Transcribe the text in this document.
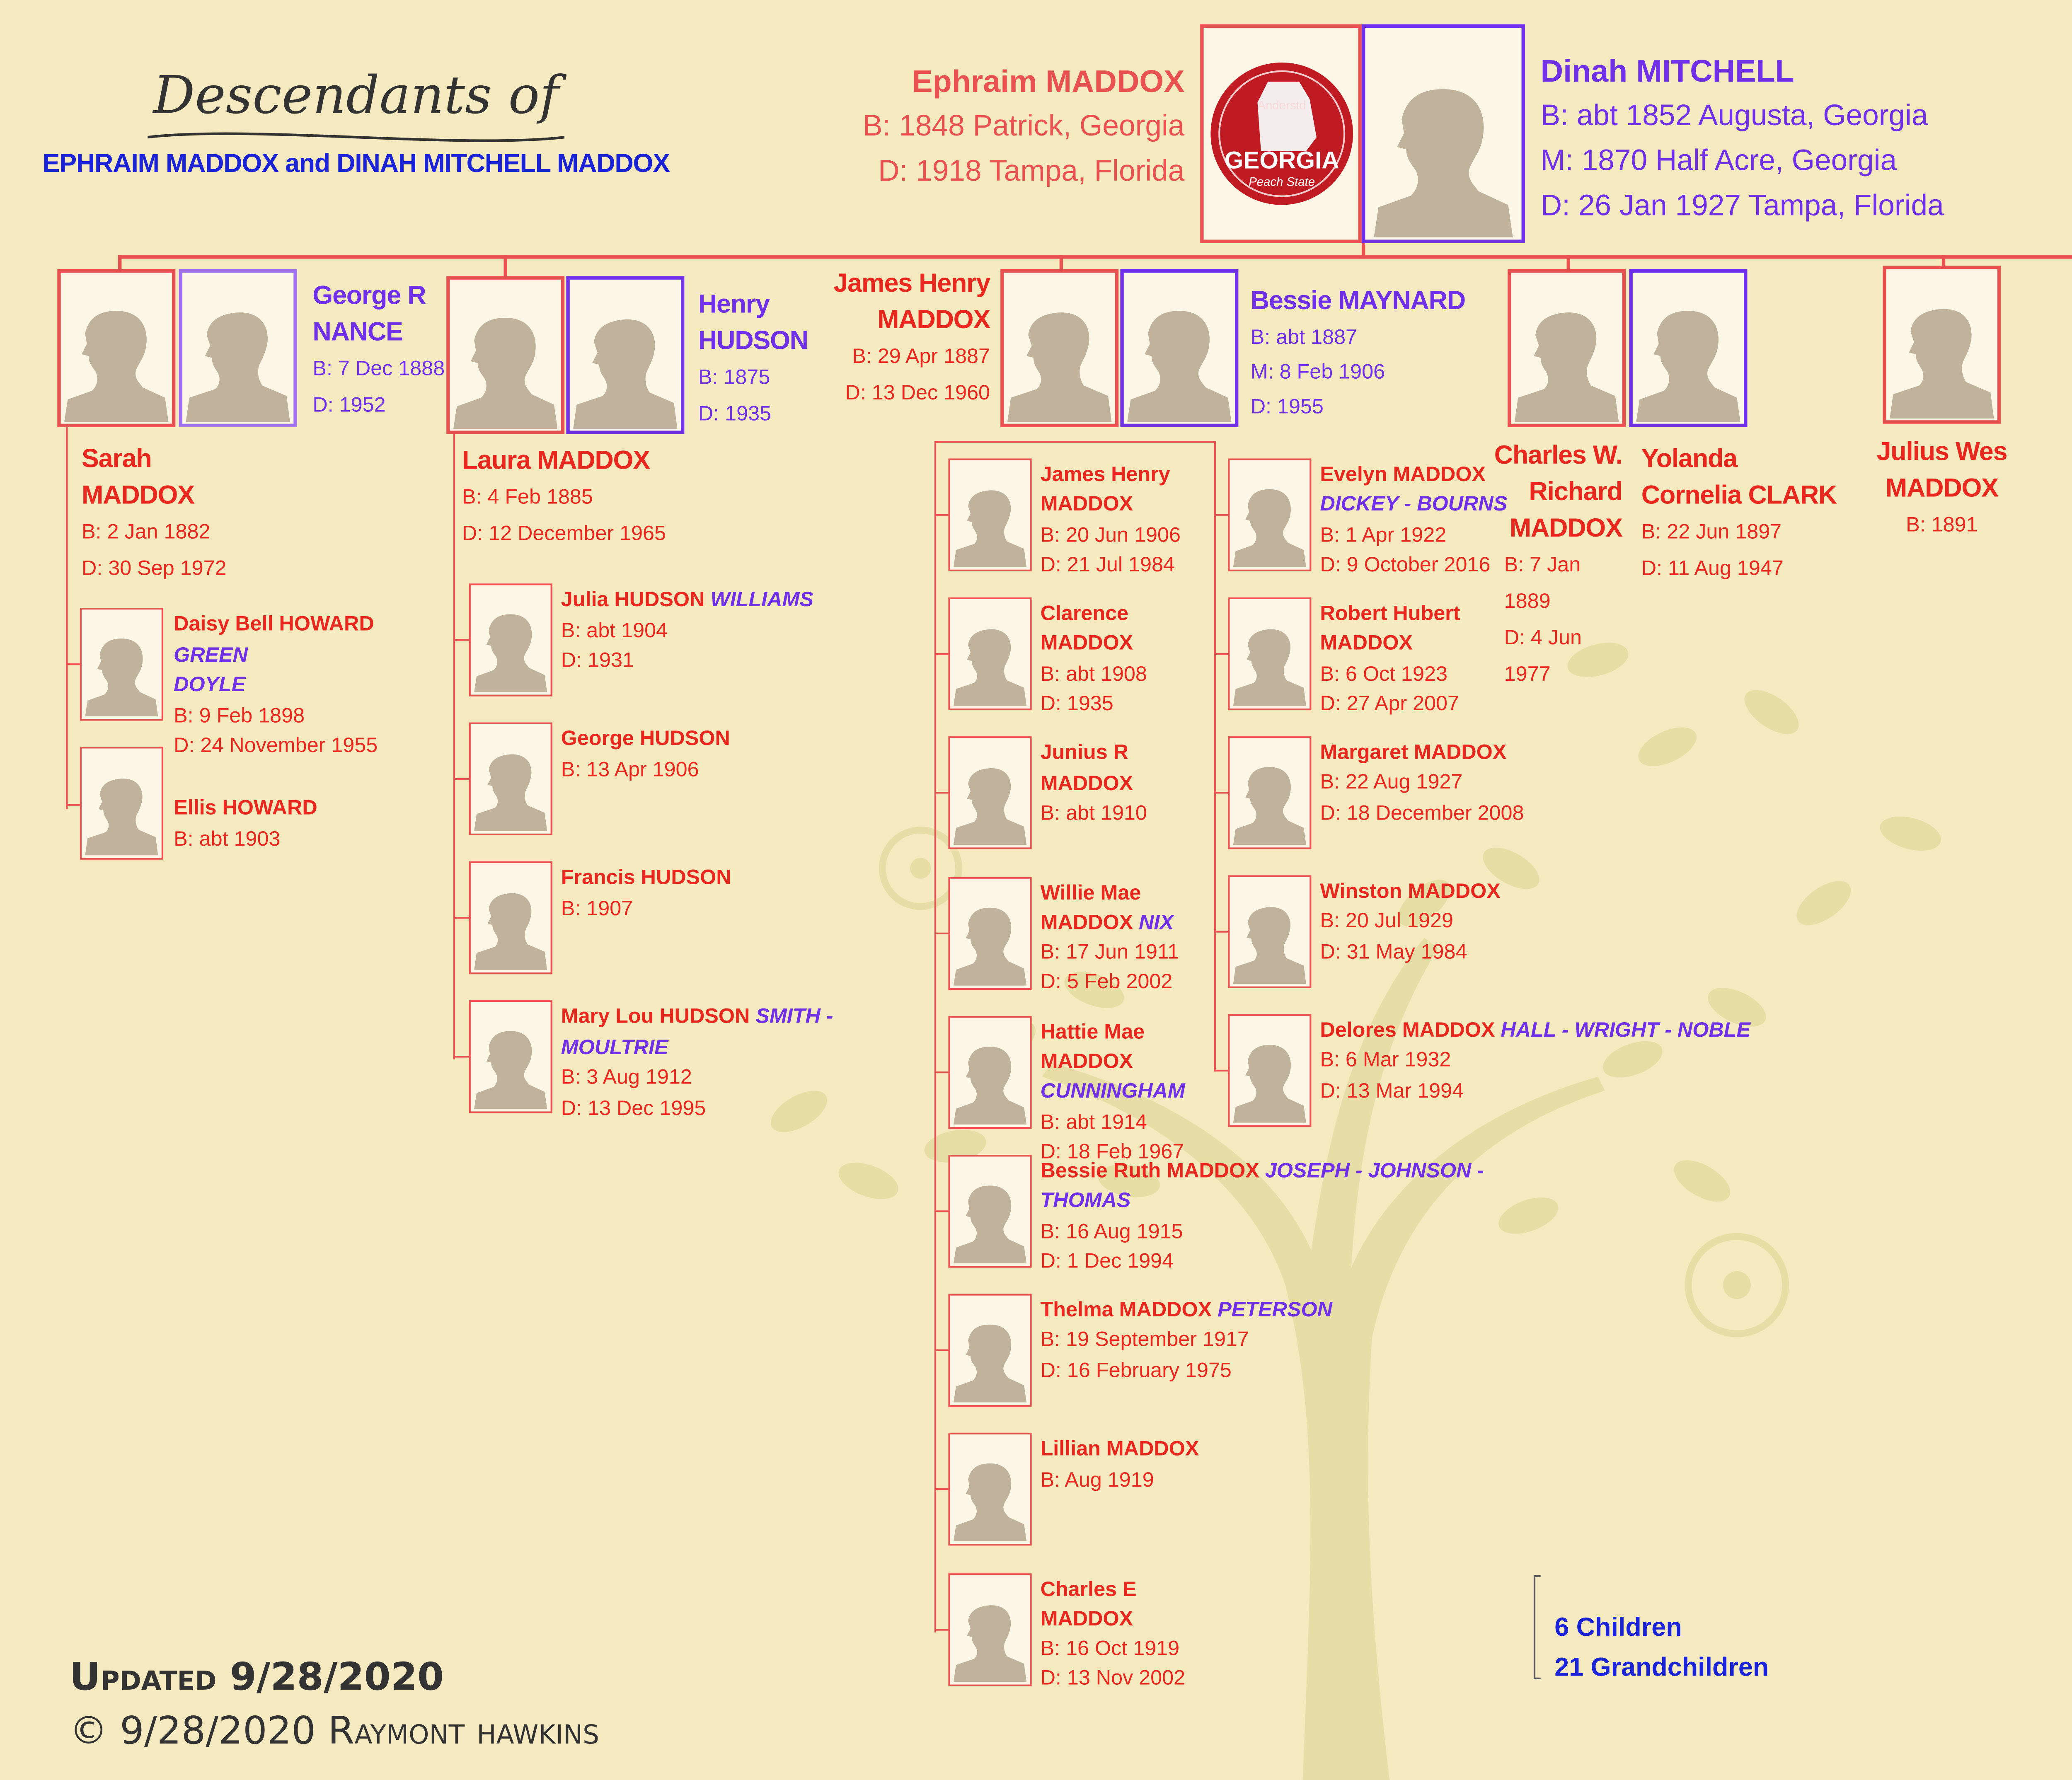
Descendants of
EPHRAIM MADDOX and DINAH MITCHELL MADDOX
Ephraim MADDOX
B: 1848 Patrick, Georgia
D: 1918 Tampa, Florida
Anderstd
GEORGIA
Peach State
Dinah MITCHELL
B: abt 1852 Augusta, Georgia
M: 1870 Half Acre, Georgia
D: 26 Jan 1927 Tampa, Florida
George R
NANCE
B: 7 Dec 1888
D: 1952
Sarah
MADDOX
B: 2 Jan 1882
D: 30 Sep 1972
Daisy Bell HOWARD GREEN
DOYLE
B: 9 Feb 1898
D: 24 November 1955
Ellis HOWARD
B: abt 1903
Henry
HUDSON
B: 1875
D: 1935
Laura MADDOX
B: 4 Feb 1885
D: 12 December 1965
Julia HUDSON WILLIAMS
B: abt 1904
D: 1931
George HUDSON
B: 13 Apr 1906
Francis HUDSON
B: 1907
Mary Lou HUDSON SMITH - MOULTRIE
B: 3 Aug 1912
D: 13 Dec 1995
James Henry
MADDOX
B: 29 Apr 1887
D: 13 Dec 1960
Bessie MAYNARD
B: abt 1887
M: 8 Feb 1906
D: 1955
James Henry
MADDOX
B: 20 Jun 1906
D: 21 Jul 1984
Clarence
MADDOX
B: abt 1908
D: 1935
Junius R
MADDOX
B: abt 1910
Willie Mae
MADDOX NIX
B: 17 Jun 1911
D: 5 Feb 2002
Hattie Mae
MADDOX
CUNNINGHAM
B: abt 1914
D: 18 Feb 1967
Bessie Ruth MADDOX JOSEPH - JOHNSON - THOMAS
B: 16 Aug 1915
D: 1 Dec 1994
Thelma MADDOX PETERSON
B: 19 September 1917
D: 16 February 1975
Lillian MADDOX
B: Aug 1919
Charles E
MADDOX
B: 16 Oct 1919
D: 13 Nov 2002
Evelyn MADDOX
DICKEY - BOURNS
B: 1 Apr 1922
D: 9 October 2016
Robert Hubert
MADDOX
B: 6 Oct 1923
D: 27 Apr 2007
Margaret MADDOX
B: 22 Aug 1927
D: 18 December 2008
Winston MADDOX
B: 20 Jul 1929
D: 31 May 1984
Delores MADDOX HALL - WRIGHT - NOBLE
B: 6 Mar 1932
D: 13 Mar 1994
Charles W.
Richard
MADDOX
B: 7 Jan 1889
D: 4 Jun 1977
Yolanda
Cornelia CLARK
B: 22 Jun 1897
D: 11 Aug 1947
Julius Wes
MADDOX
B: 1891
6 Children
21 Grandchildren
Updated 9/28/2020
© 9/28/2020 Raymont hawkins
